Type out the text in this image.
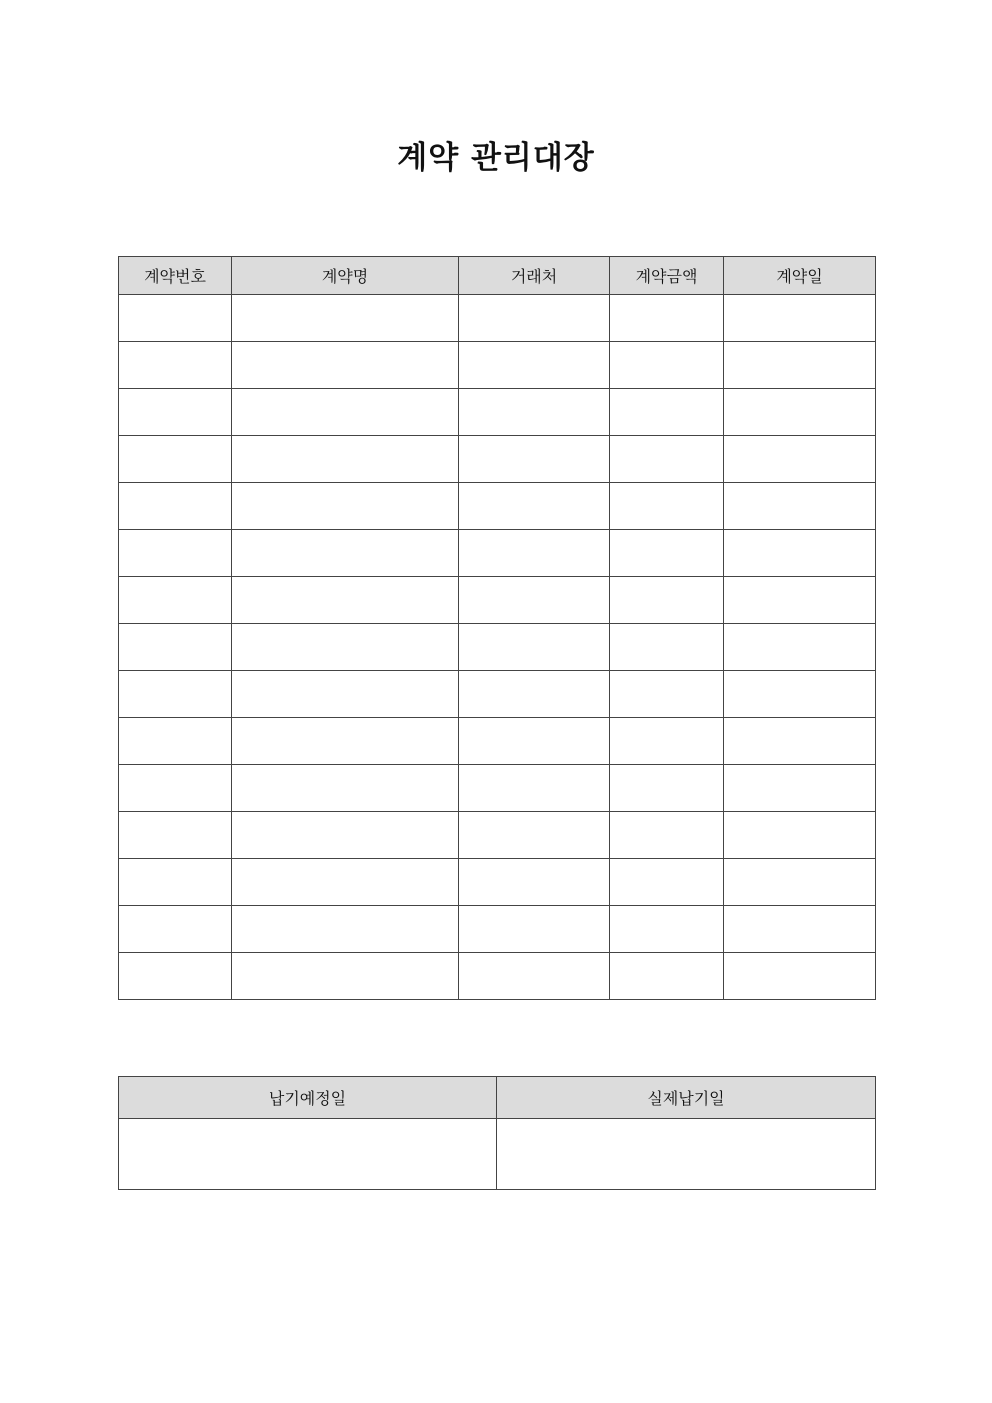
계약 관리대장
계약번호	계약명	거래처	계약금액	계약일

납기예정일	실제납기일
